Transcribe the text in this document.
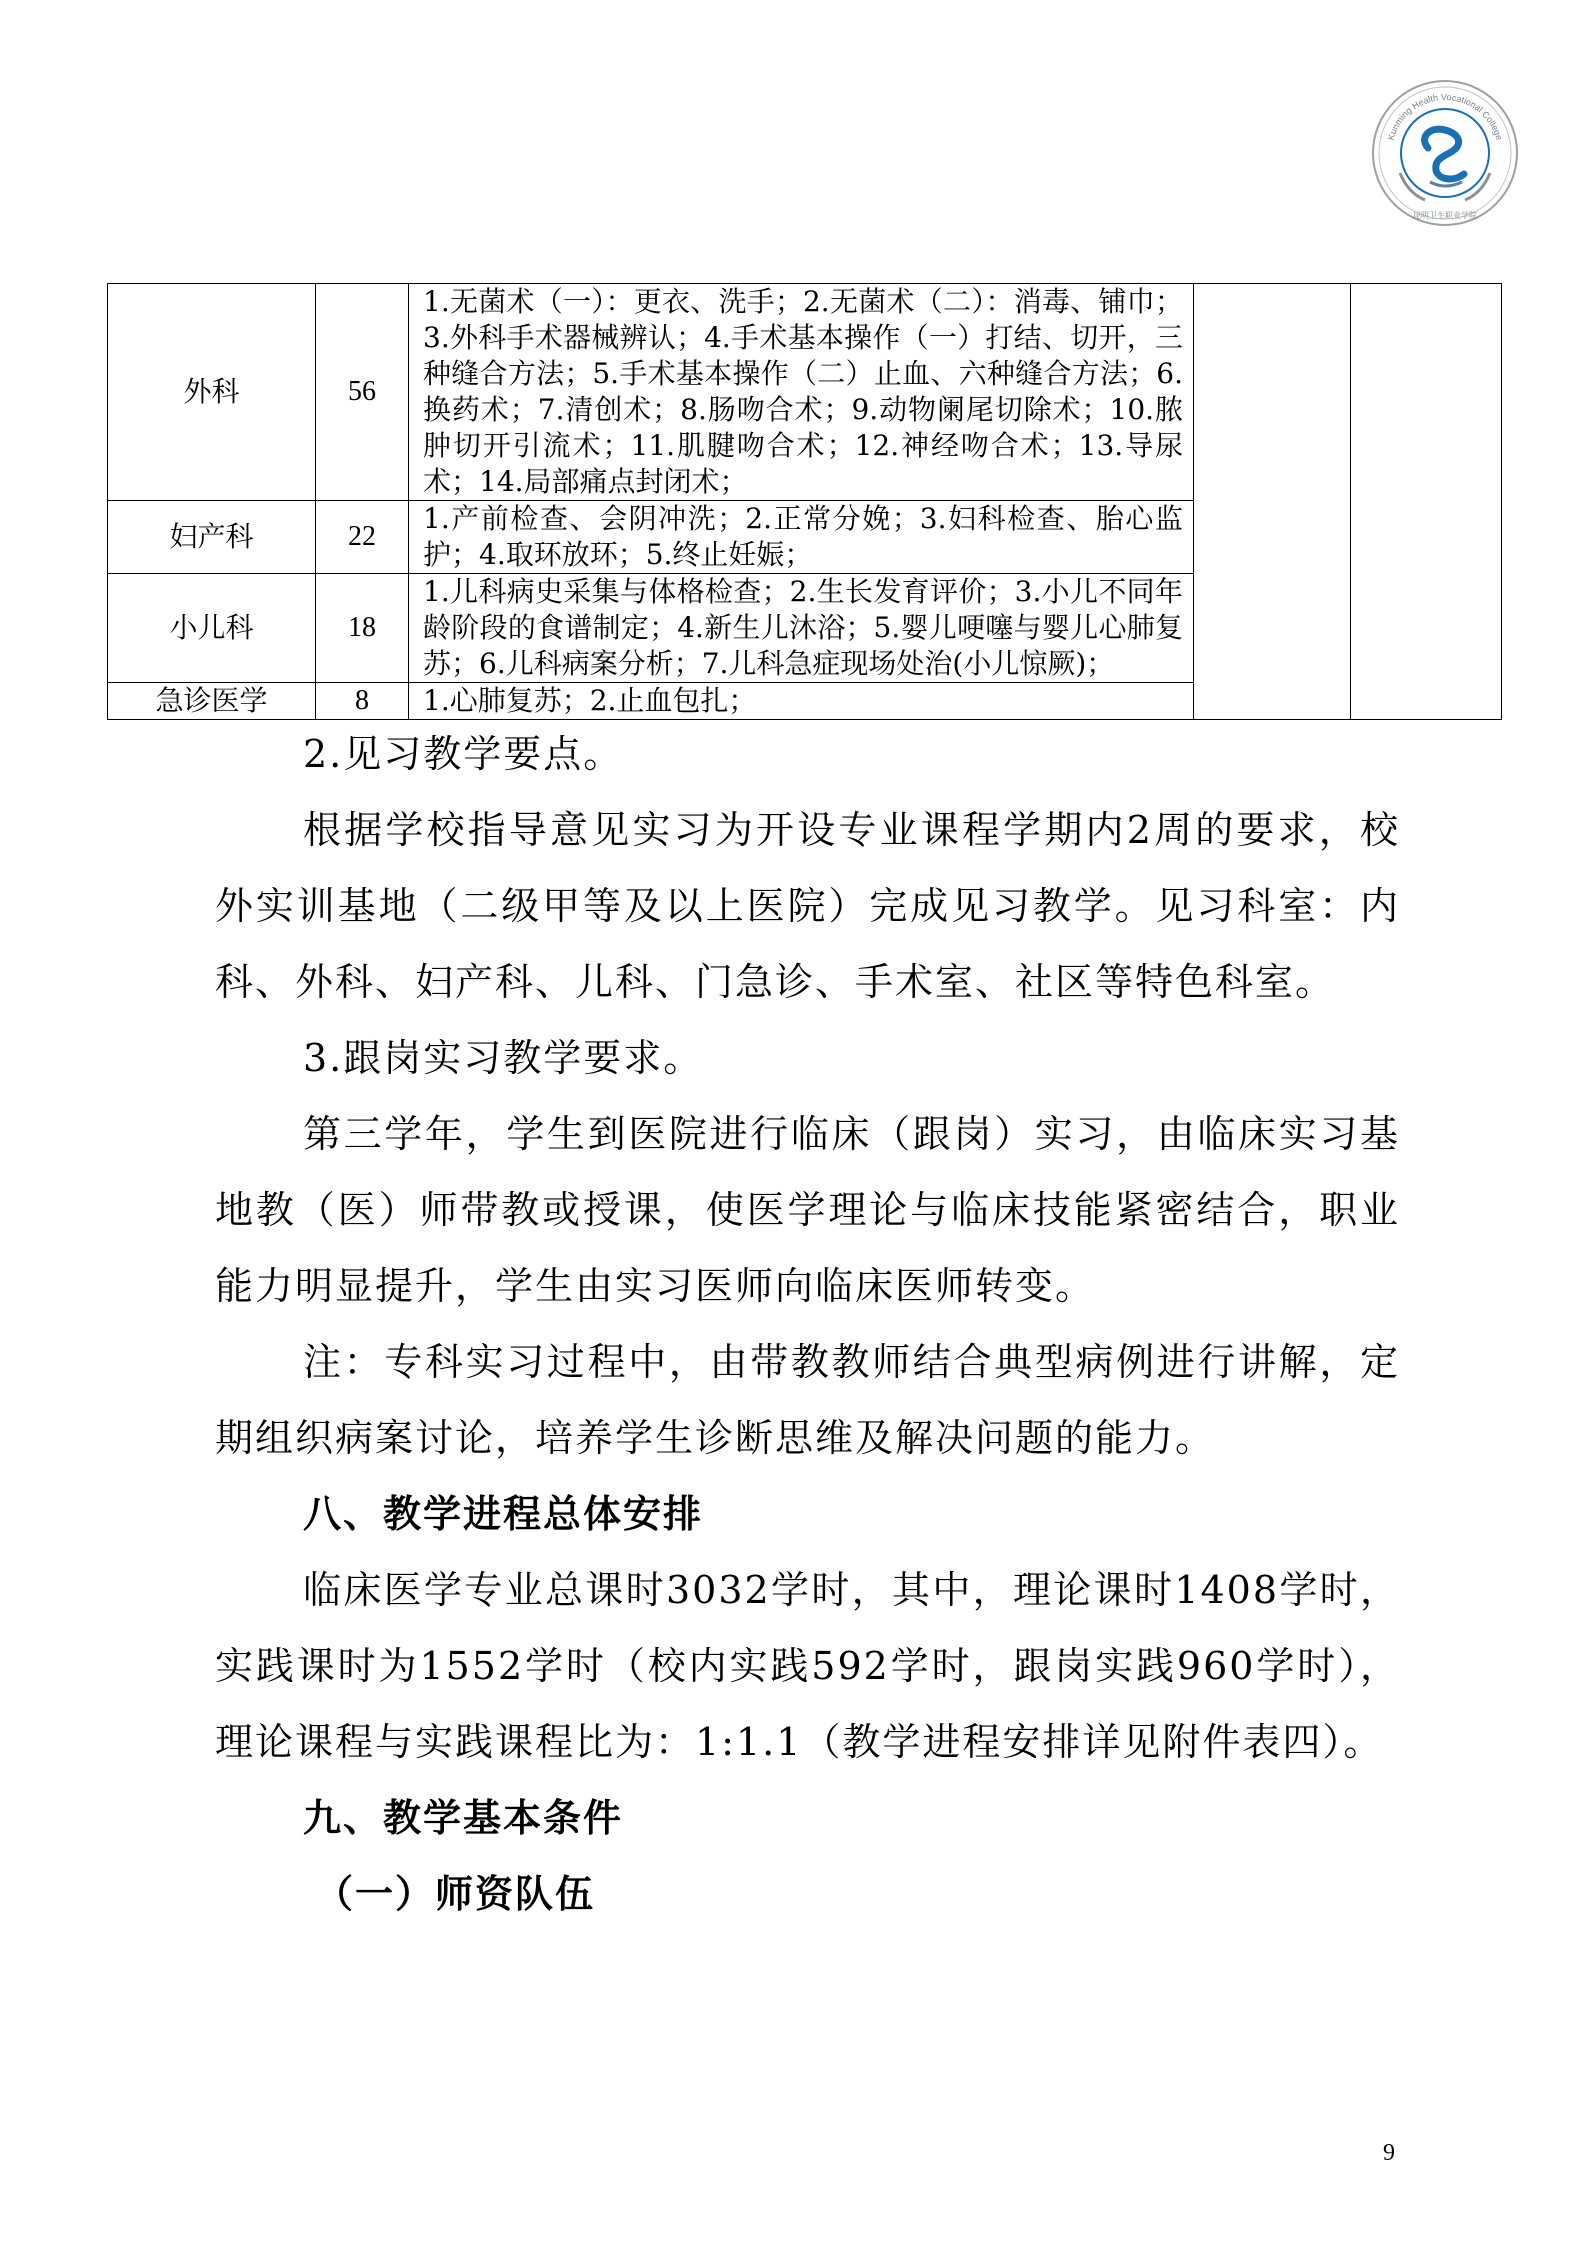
Kunming Health Vocational College
昆明卫生职业学院
外科	56	1.无菌术（一）：更衣、洗手；2.无菌术（二）：消毒、铺巾；3.外科手术器械辨认；4.手术基本操作（一）打结、切开，三种缝合方法；5.手术基本操作（二）止血、六种缝合方法；6.换药术；7.清创术；8.肠吻合术；9.动物阑尾切除术；10.脓肿切开引流术；11.肌腱吻合术；12.神经吻合术；13.导尿术；14.局部痛点封闭术；		
妇产科	22	1.产前检查、会阴冲洗；2.正常分娩；3.妇科检查、胎心监护；4.取环放环；5.终止妊娠；		
小儿科	18	1.儿科病史采集与体格检查；2.生长发育评价；3.小儿不同年龄阶段的食谱制定；4.新生儿沐浴；5.婴儿哽噻与婴儿心肺复苏；6.儿科病案分析；7.儿科急症现场处治(小儿惊厥)；		
急诊医学	8	1.心肺复苏；2.止血包扎；		

2.见习教学要点。

根据学校指导意见实习为开设专业课程学期内2周的要求，校外实训基地（二级甲等及以上医院）完成见习教学。见习科室：内科、外科、妇产科、儿科、门急诊、手术室、社区等特色科室。

3.跟岗实习教学要求。

第三学年，学生到医院进行临床（跟岗）实习，由临床实习基地教（医）师带教或授课，使医学理论与临床技能紧密结合，职业能力明显提升，学生由实习医师向临床医师转变。

注：专科实习过程中，由带教教师结合典型病例进行讲解，定期组织病案讨论，培养学生诊断思维及解决问题的能力。

八、教学进程总体安排

临床医学专业总课时3032学时，其中，理论课时1408学时，实践课时为1552学时（校内实践592学时，跟岗实践960学时），理论课程与实践课程比为：1:1.1（教学进程安排详见附件表四）。

九、教学基本条件

（一）师资队伍

9
